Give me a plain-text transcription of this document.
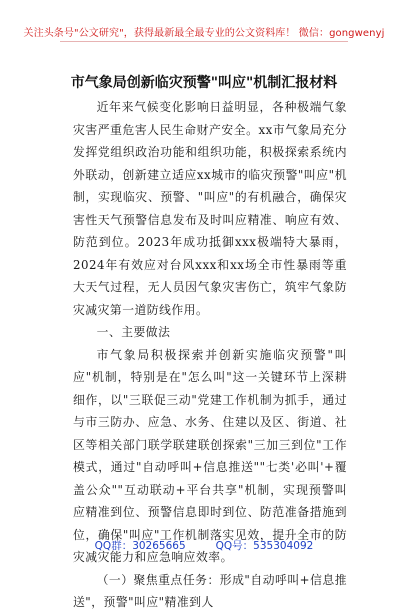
关注头条号"公文研究"，获得最新最全最专业的公文资料库！ 微信：gongwenyj
市气象局创新临灾预警"叫应"机制汇报材料

近年来气候变化影响日益明显，各种极端气象灾害严重危害人民生命财产安全。xx市气象局充分发挥党组织政治功能和组织功能，积极探索系统内外联动，创新建立适应xx城市的临灾预警"叫应"机制，实现临灾、预警、"叫应"的有机融合，确保灾害性天气预警信息发布及时叫应精准、响应有效、防范到位。2023年成功抵御xxx极端特大暴雨，2024年有效应对台风xxx和xx场全市性暴雨等重大天气过程，无人员因气象灾害伤亡，筑牢气象防灾减灾第一道防线作用。

一、主要做法

市气象局积极探索并创新实施临灾预警"叫应"机制，特别是在"怎么叫"这一关键环节上深耕细作，以"三联促三动"党建工作机制为抓手，通过与市三防办、应急、水务、住建以及区、街道、社区等相关部门联学联建联创探索"三加三到位"工作模式，通过"自动呼叫+信息推送""七类'必叫'+覆盖公众""互动联动+平台共享"机制，实现预警叫应精准到位、预警信息即时到位、防范准备措施到位，确保"叫应"工作机制落实见效，提升全市的防灾减灾能力和应急响应效率。

（一）聚焦重点任务：形成"自动呼叫+信息推送"，预警"叫应"精准到人

QQ群：30265665	QQ号：535304092
